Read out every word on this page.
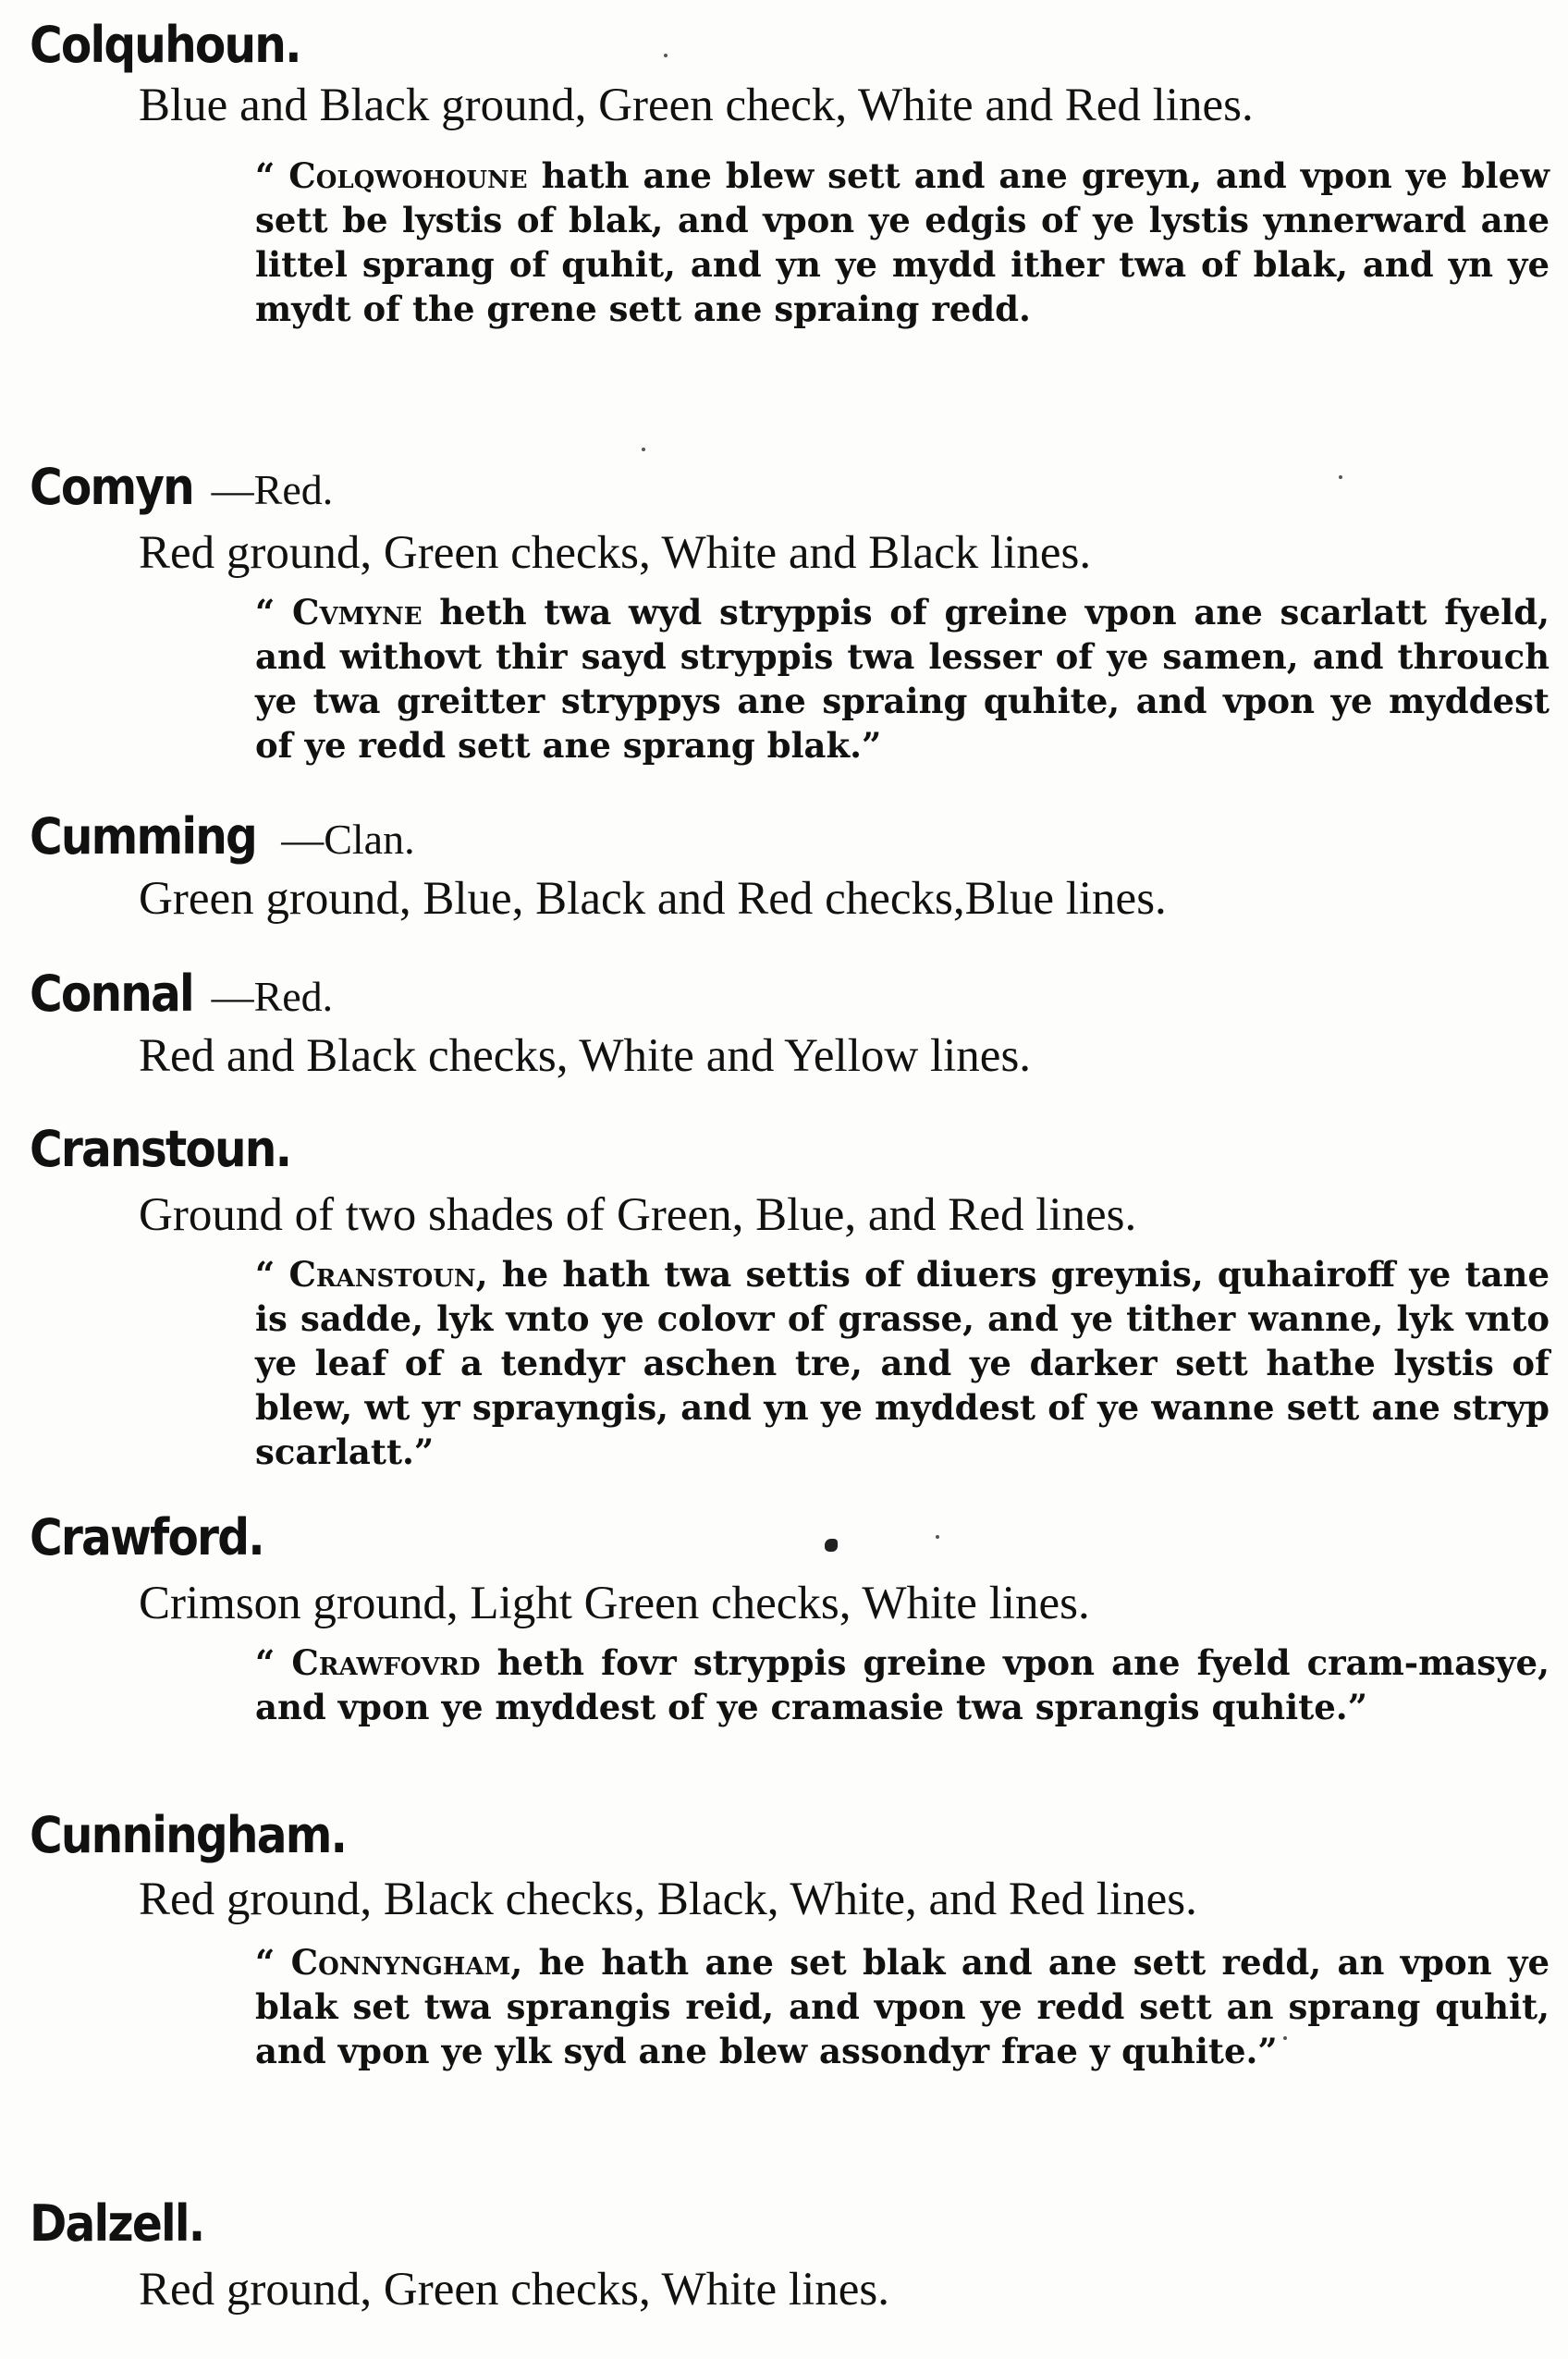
Colquhoun.
Blue and Black ground, Green check, White and Red lines.
“ Colqwohoune hath ane blew sett and ane greyn, and vpon ye blew sett be lystis of blak, and vpon ye edgis of ye lystis ynnerward ane littel sprang of quhit, and yn ye mydd ither twa of blak, and yn ye mydt of the grene sett ane spraing redd.
Comyn —Red.
Red ground, Green checks, White and Black lines.
“ Cvmyne heth twa wyd stryppis of greine vpon ane scarlatt fyeld, and withovt thir sayd stryppis twa lesser of ye samen, and throuch ye twa greitter stryppys ane spraing quhite, and vpon ye myddest of ye redd sett ane sprang blak.”
Cumming —Clan.
Green ground, Blue, Black and Red checks,Blue lines.
Connal —Red.
Red and Black checks, White and Yellow lines.
Cranstoun.
Ground of two shades of Green, Blue, and Red lines.
“ Cranstoun, he hath twa settis of diuers greynis, quhairoff ye tane is sadde, lyk vnto ye colovr of grasse, and ye tither wanne, lyk vnto ye leaf of a tendyr aschen tre, and ye darker sett hathe lystis of blew, wt yr sprayngis, and yn ye myddest of ye wanne sett ane stryp scarlatt.”
Crawford.
Crimson ground, Light Green checks, White lines.
“ Crawfovrd heth fovr stryppis greine vpon ane fyeld cram-masye, and vpon ye myddest of ye cramasie twa sprangis quhite.”
Cunningham.
Red ground, Black checks, Black, White, and Red lines.
“ Connyngham, he hath ane set blak and ane sett redd, an vpon ye blak set twa sprangis reid, and vpon ye redd sett an sprang quhit, and vpon ye ylk syd ane blew assondyr frae y quhite.”
Dalzell.
Red ground, Green checks, White lines.
